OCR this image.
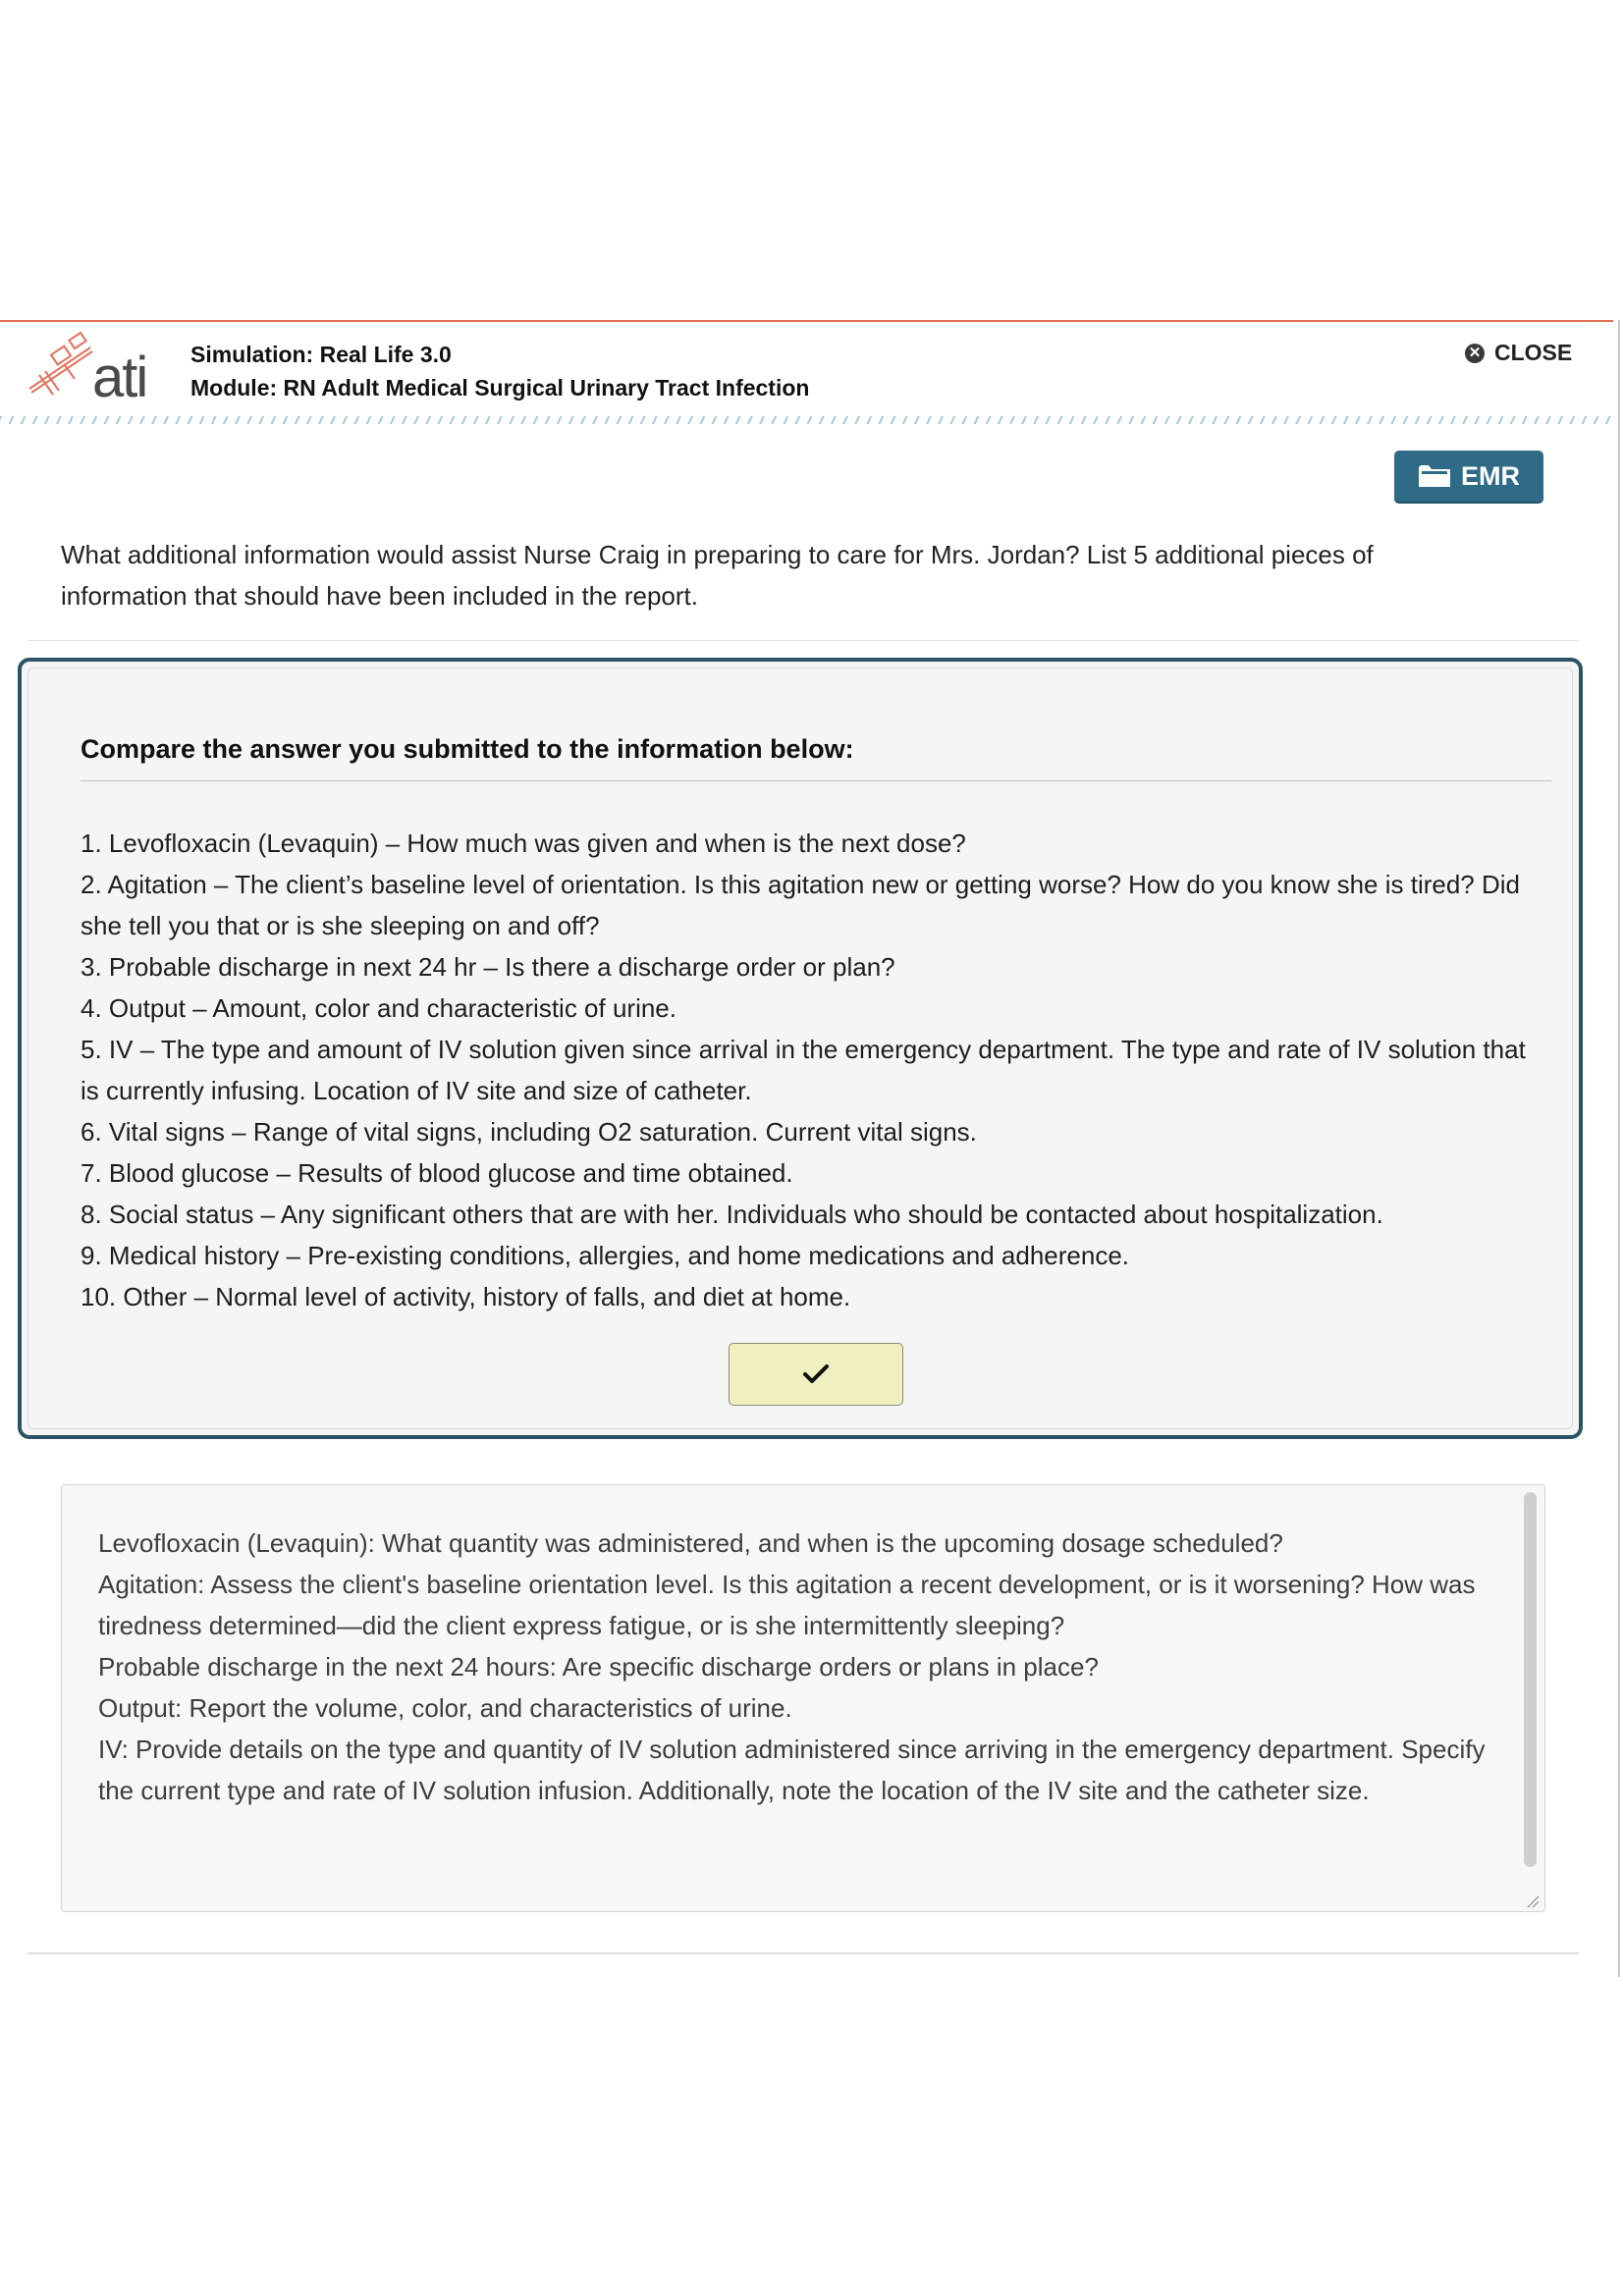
ati Simulation: Real Life 3.0
Module: RN Adult Medical Surgical Urinary Tract Infection
✕ CLOSE
EMR
What additional information would assist Nurse Craig in preparing to care for Mrs. Jordan? List 5 additional pieces of information that should have been included in the report.
Compare the answer you submitted to the information below:

1. Levofloxacin (Levaquin) – How much was given and when is the next dose?

2. Agitation – The client’s baseline level of orientation. Is this agitation new or getting worse? How do you know she is tired? Did she tell you that or is she sleeping on and off?

3. Probable discharge in next 24 hr – Is there a discharge order or plan?

4. Output – Amount, color and characteristic of urine.

5. IV – The type and amount of IV solution given since arrival in the emergency department. The type and rate of IV solution that is currently infusing. Location of IV site and size of catheter.

6. Vital signs – Range of vital signs, including O2 saturation. Current vital signs.

7. Blood glucose – Results of blood glucose and time obtained.

8. Social status – Any significant others that are with her. Individuals who should be contacted about hospitalization.

9. Medical history – Pre-existing conditions, allergies, and home medications and adherence.

10. Other – Normal level of activity, history of falls, and diet at home.

Levofloxacin (Levaquin): What quantity was administered, and when is the upcoming dosage scheduled?

Agitation: Assess the client's baseline orientation level. Is this agitation a recent development, or is it worsening? How was tiredness determined—did the client express fatigue, or is she intermittently sleeping?

Probable discharge in the next 24 hours: Are specific discharge orders or plans in place?

Output: Report the volume, color, and characteristics of urine.

IV: Provide details on the type and quantity of IV solution administered since arriving in the emergency department. Specify the current type and rate of IV solution infusion. Additionally, note the location of the IV site and the catheter size.
